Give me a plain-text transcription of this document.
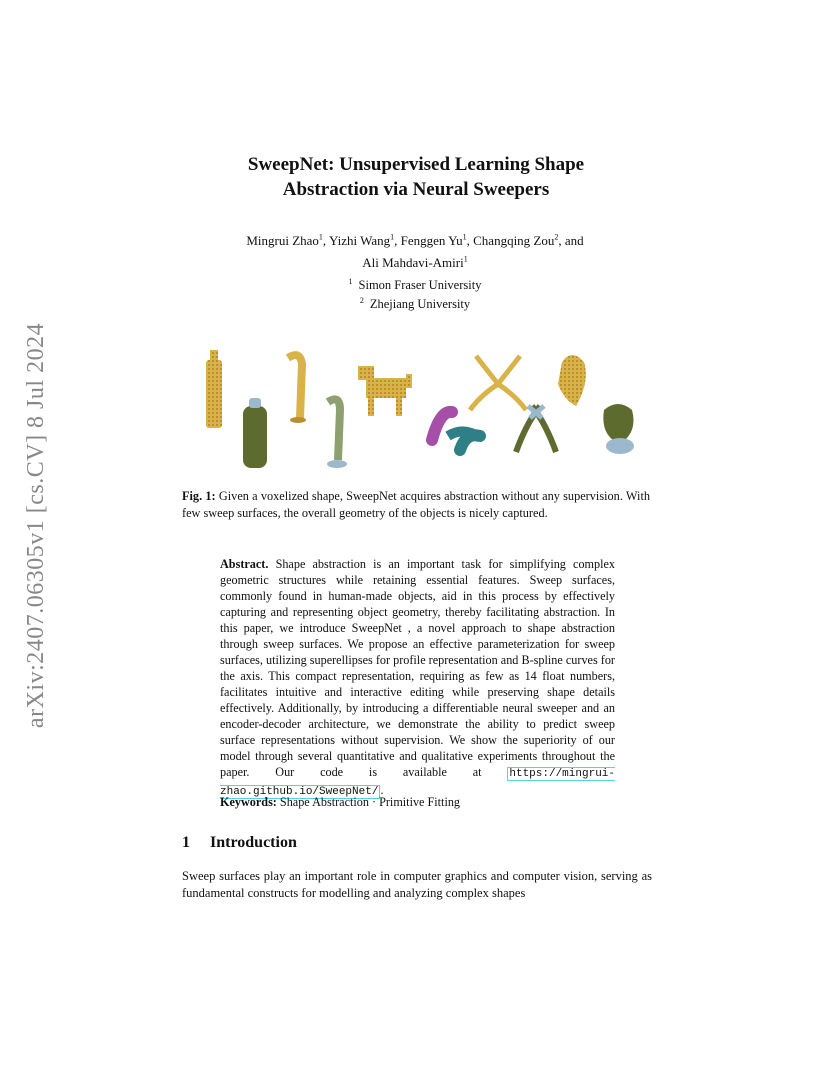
arXiv:2407.06305v1 [cs.CV] 8 Jul 2024
SweepNet: Unsupervised Learning Shape
Abstraction via Neural Sweepers
Mingrui Zhao$^1$, Yizhi Wang$^1$, Fenggen Yu$^1$, Changqing Zou$^2$, and
Ali Mahdavi-Amiri$^1$
$^1$ Simon Fraser University
$^2$ Zhejiang University
Fig. 1: Given a voxelized shape, SweepNet acquires abstraction without any supervision. With few sweep surfaces, the overall geometry of the objects is nicely captured.
Abstract. Shape abstraction is an important task for simplifying complex geometric structures while retaining essential features. Sweep surfaces, commonly found in human-made objects, aid in this process by effectively capturing and representing object geometry, thereby facilitating abstraction. In this paper, we introduce SweepNet , a novel approach to shape abstraction through sweep surfaces. We propose an effective parameterization for sweep surfaces, utilizing superellipses for profile representation and B-spline curves for the axis. This compact representation, requiring as few as 14 float numbers, facilitates intuitive and interactive editing while preserving shape details effectively. Additionally, by introducing a differentiable neural sweeper and an encoder-decoder architecture, we demonstrate the ability to predict sweep surface representations without supervision. We show the superiority of our model through several quantitative and qualitative experiments throughout the paper. Our code is available at	https://mingrui-zhao.github.io/SweepNet/ .
Keywords: Shape Abstraction · Primitive Fitting
1 Introduction
Sweep surfaces play an important role in computer graphics and computer vision, serving as fundamental constructs for modelling and analyzing complex shapes
